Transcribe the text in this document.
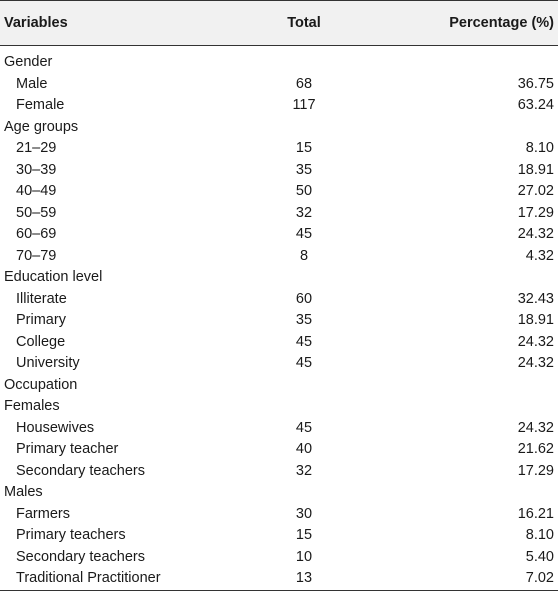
Variables	Total	Percentage (%)
Gender		
Male	68	36.75
Female	117	63.24
Age groups		
21–29	15	8.10
30–39	35	18.91
40–49	50	27.02
50–59	32	17.29
60–69	45	24.32
70–79	8	4.32
Education level		
Illiterate	60	32.43
Primary	35	18.91
College	45	24.32
University	45	24.32
Occupation		
Females		
Housewives	45	24.32
Primary teacher	40	21.62
Secondary teachers	32	17.29
Males		
Farmers	30	16.21
Primary teachers	15	8.10
Secondary teachers	10	5.40
Traditional Practitioner	13	7.02
